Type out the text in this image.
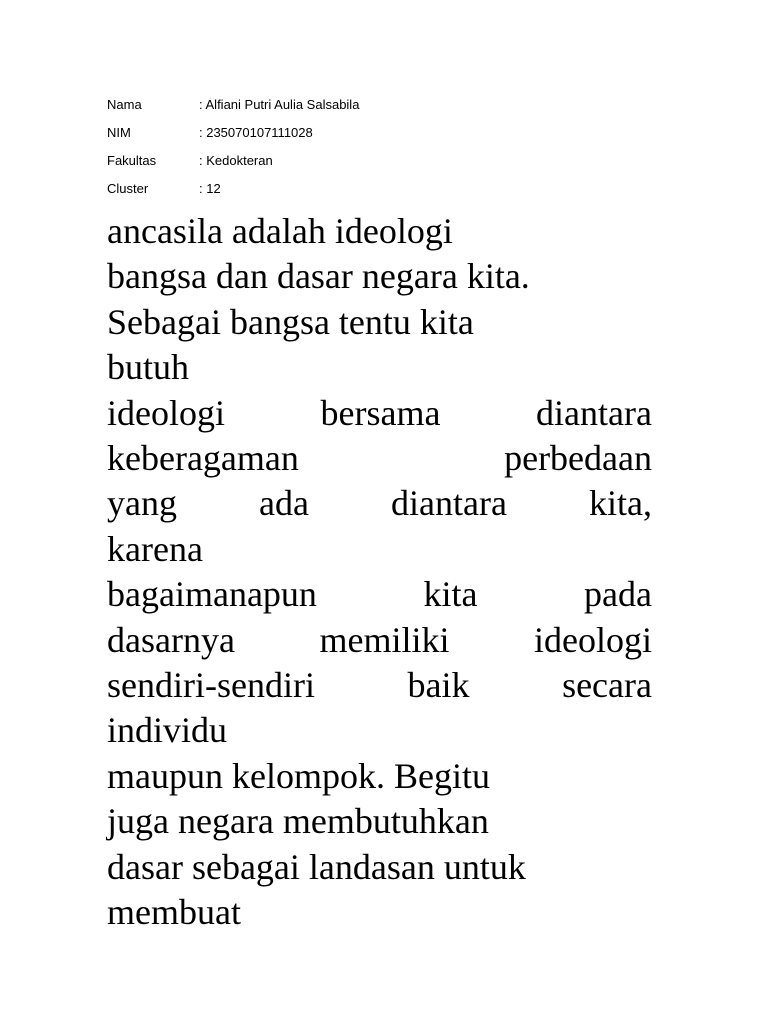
Nama	: Alfiani Putri Aulia Salsabila
NIM	: 235070107111028
Fakultas	: Kedokteran
Cluster	: 12
ancasila adalah ideologi
bangsa dan dasar negara kita.
Sebagai bangsa tentu kita
butuh
ideologi	bersama	diantara
keberagaman	perbedaan
yang ada diantara kita,
karena
bagaimanapun	kita	pada
dasarnya memiliki ideologi
sendiri-sendiri	baik	secara
individu
maupun kelompok. Begitu
juga negara membutuhkan
dasar sebagai landasan untuk
membuat
